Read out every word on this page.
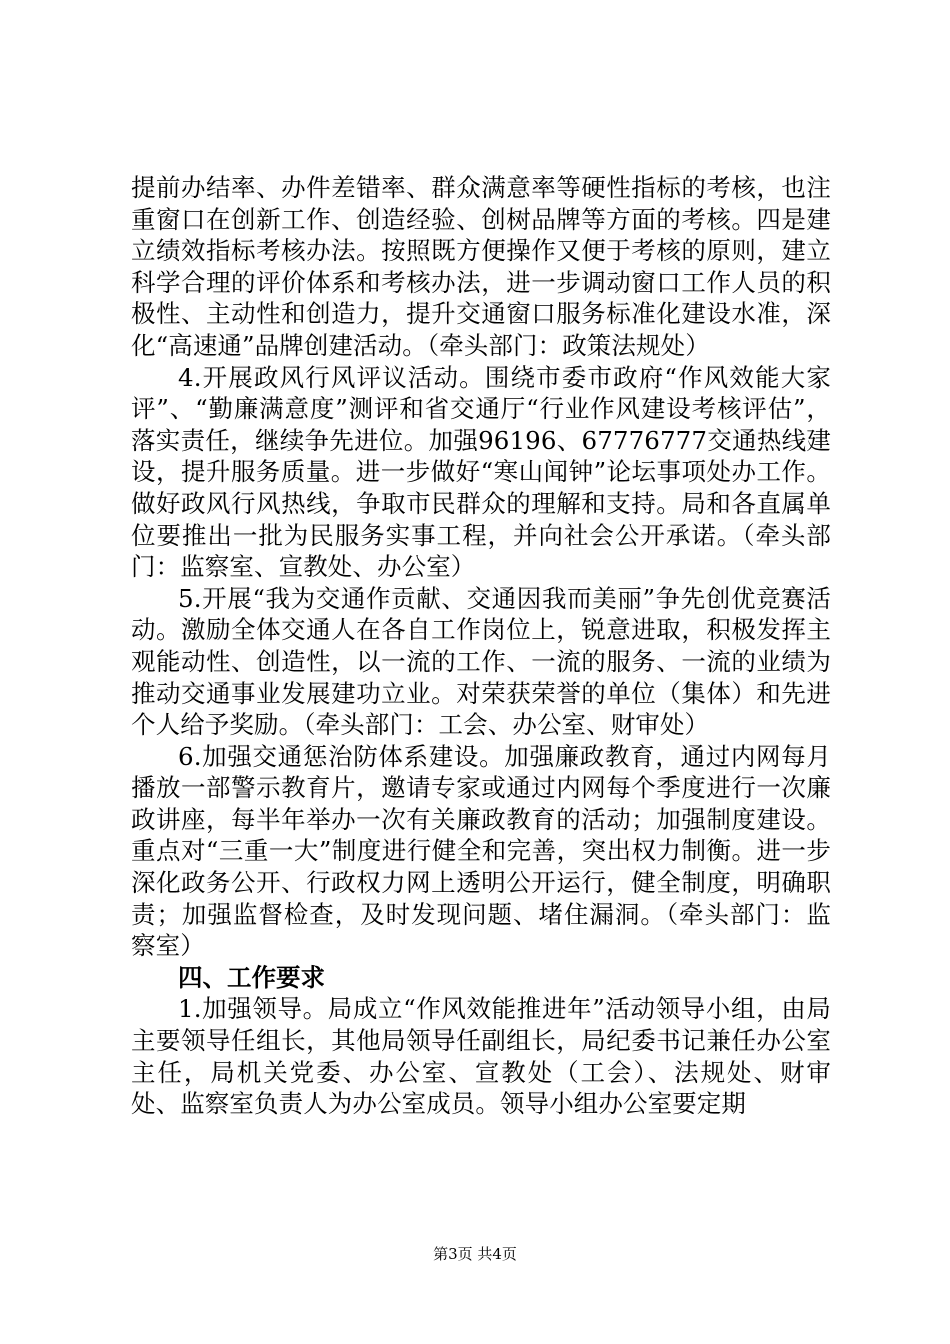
提前办结率、办件差错率、群众满意率等硬性指标的考核，也注重窗口在创新工作、创造经验、创树品牌等方面的考核。四是建立绩效指标考核办法。按照既方便操作又便于考核的原则，建立科学合理的评价体系和考核办法，进一步调动窗口工作人员的积极性、主动性和创造力，提升交通窗口服务标准化建设水准，深化“高速通”品牌创建活动。（牵头部门：政策法规处）

4.开展政风行风评议活动。围绕市委市政府“作风效能大家评”、“勤廉满意度”测评和省交通厅“行业作风建设考核评估”，落实责任，继续争先进位。加强96196、67776777交通热线建设，提升服务质量。进一步做好“寒山闻钟”论坛事项处办工作。做好政风行风热线，争取市民群众的理解和支持。局和各直属单位要推出一批为民服务实事工程，并向社会公开承诺。（牵头部门：监察室、宣教处、办公室）

5.开展“我为交通作贡献、交通因我而美丽”争先创优竞赛活动。激励全体交通人在各自工作岗位上，锐意进取，积极发挥主观能动性、创造性，以一流的工作、一流的服务、一流的业绩为推动交通事业发展建功立业。对荣获荣誉的单位（集体）和先进个人给予奖励。（牵头部门：工会、办公室、财审处）

6.加强交通惩治防体系建设。加强廉政教育，通过内网每月播放一部警示教育片，邀请专家或通过内网每个季度进行一次廉政讲座，每半年举办一次有关廉政教育的活动；加强制度建设。重点对“三重一大”制度进行健全和完善，突出权力制衡。进一步深化政务公开、行政权力网上透明公开运行，健全制度，明确职责；加强监督检查，及时发现问题、堵住漏洞。（牵头部门：监察室）

四、工作要求

1.加强领导。局成立“作风效能推进年”活动领导小组，由局主要领导任组长，其他局领导任副组长，局纪委书记兼任办公室主任，局机关党委、办公室、宣教处（工会）、法规处、财审处、监察室负责人为办公室成员。领导小组办公室要定期

第3页 共4页
